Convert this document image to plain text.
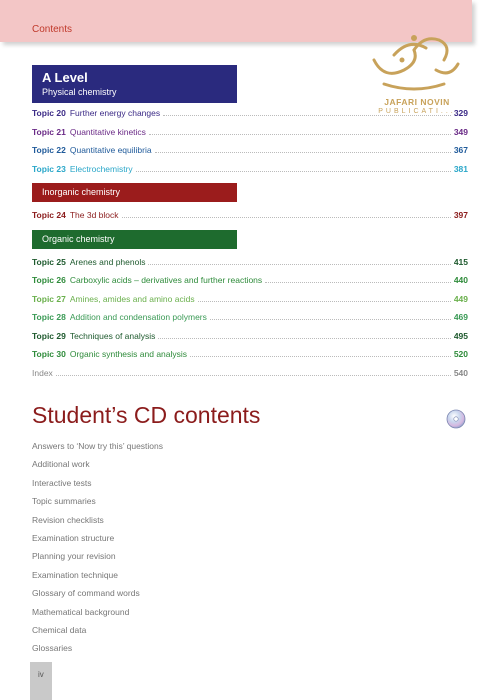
Contents
JAFARI NOVIN
PUBLICATI...
A Level
Physical chemistry
Inorganic chemistry
Organic chemistry
Topic 20 Further energy changes	329
Topic 21 Quantitative kinetics	349
Topic 22 Quantitative equilibria	367
Topic 23 Electrochemistry	381
Topic 24 The 3d block	397
Topic 25 Arenes and phenols	415
Topic 26 Carboxylic acids – derivatives and further reactions	440
Topic 27 Amines, amides and amino acids	449
Topic 28 Addition and condensation polymers	469
Topic 29 Techniques of analysis	495
Topic 30 Organic synthesis and analysis	520
Index	540
Student’s CD contents
Answers to ‘Now try this’ questions
Additional work
Interactive tests
Topic summaries
Revision checklists
Examination structure
Planning your revision
Examination technique
Glossary of command words
Mathematical background
Chemical data
Glossaries
iv
